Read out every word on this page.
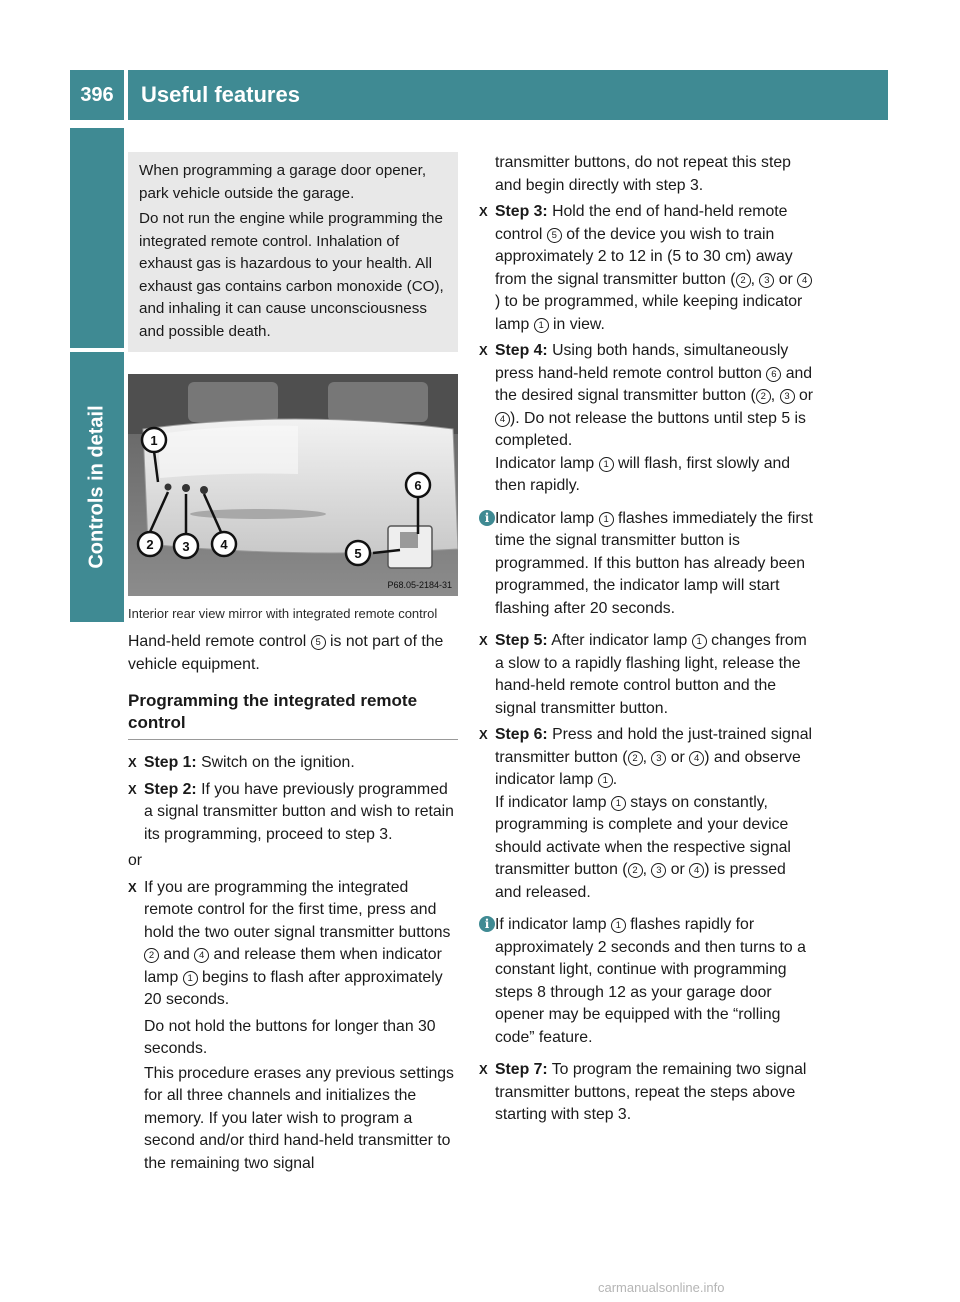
396	Useful features
Controls in detail

When programming a garage door opener, park vehicle outside the garage.

Do not run the engine while programming the integrated remote control. Inhalation of exhaust gas is hazardous to your health. All exhaust gas contains carbon monoxide (CO), and inhaling it can cause unconsciousness and possible death.

1
2 3 4
5
6
P68.05-2184-31

Interior rear view mirror with integrated remote control

Hand-held remote control 5 is not part of the vehicle equipment.

Programming the integrated remote control
X Step 1: Switch on the ignition.
X Step 2: If you have previously programmed a signal transmitter button and wish to retain its programming, proceed to step 3.

or

X If you are programming the integrated remote control for the first time, press and hold the two outer signal transmitter buttons 2 and 4 and release them when indicator lamp 1 begins to flash after approximately 20 seconds.

Do not hold the buttons for longer than 30 seconds.

This procedure erases any previous settings for all three channels and initializes the memory. If you later wish to program a second and/or third hand-held transmitter to the remaining two signal

transmitter buttons, do not repeat this step and begin directly with step 3.

X Step 3: Hold the end of hand-held remote control 5 of the device you wish to train approximately 2 to 12 in (5 to 30 cm) away from the signal transmitter button ( 2 , 3 or 4) to be programmed, while keeping indicator lamp 1 in view.
X Step 4: Using both hands, simultaneously press hand-held remote control button 6 and the desired signal transmitter button ( 2 , 3 or 4 ). Do not release the buttons until step 5 is completed.

Indicator lamp 1 will flash, first slowly and then rapidly.

i Indicator lamp 1 flashes immediately the first time the signal transmitter button is programmed. If this button has already been programmed, the indicator lamp will start flashing after 20 seconds.
X Step 5: After indicator lamp 1 changes from a slow to a rapidly flashing light, release the hand-held remote control button and the signal transmitter button.
X Step 6: Press and hold the just-trained signal transmitter button ( 2 , 3 or 4 ) and observe indicator lamp 1 .

If indicator lamp 1 stays on constantly, programming is complete and your device should activate when the respective signal transmitter button ( 2 , 3 or 4 ) is pressed and released.

i If indicator lamp 1 flashes rapidly for approximately 2 seconds and then turns to a constant light, continue with programming steps 8 through 12 as your garage door opener may be equipped with the “rolling code” feature.
X Step 7: To program the remaining two signal transmitter buttons, repeat the steps above starting with step 3.
carmanualsonline.info
